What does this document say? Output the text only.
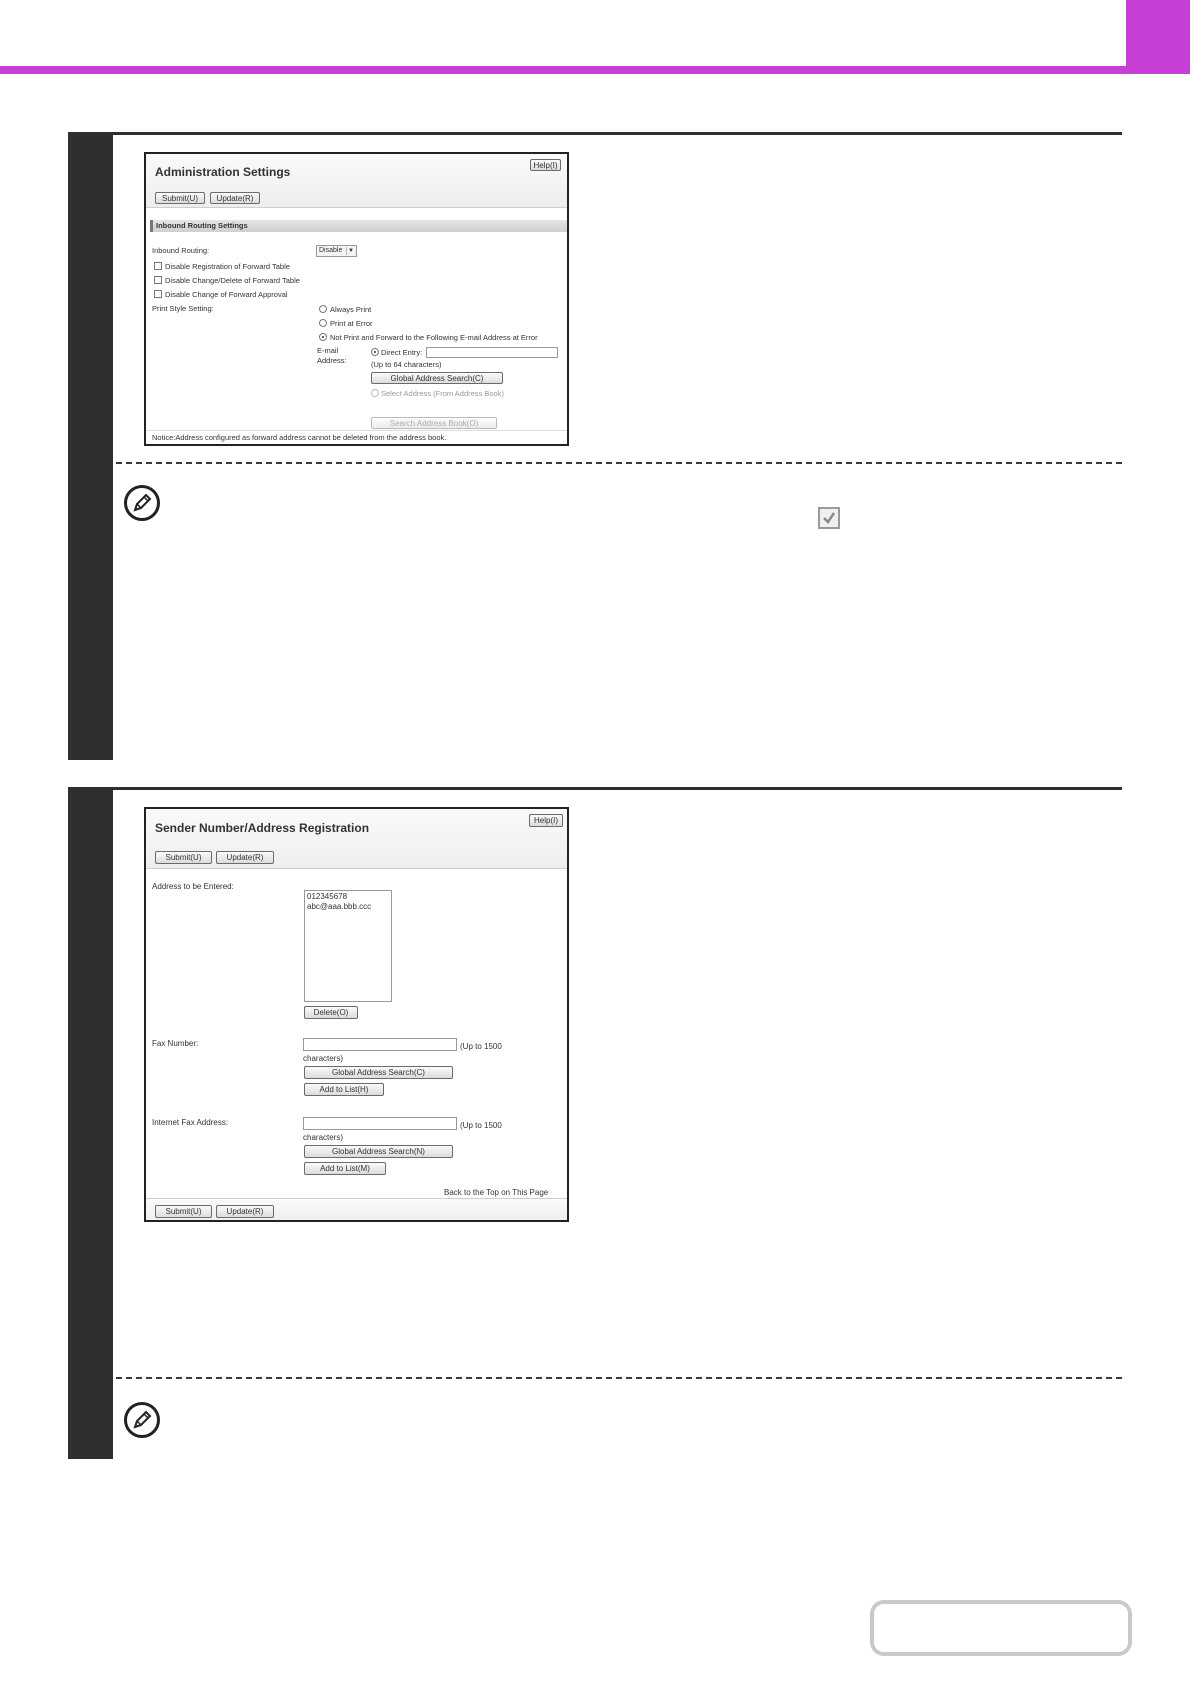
Administration Settings	Help(I)
Submit(U)	Update(R)
Inbound Routing Settings
Inbound Routing:	Disable ▼
Disable Registration of Forward Table
Disable Change/Delete of Forward Table
Disable Change of Forward Approval
Print Style Setting:	Always Print
Print at Error
Not Print and Forward to the Following E-mail Address at Error
E-mail
Address:
Direct Entry:
(Up to 64 characters)
Global Address Search(C)
Select Address (From Address Book)
Search Address Book(O)
Notice:Address configured as forward address cannot be deleted from the address book.
Sender Number/Address Registration
Help(I)
Submit(U)	Update(R)
Address to be Entered:
012345678
abc@aaa.bbb.ccc
Delete(O)
Fax Number:	(Up to 1500
characters)
Global Address Search(C)
Add to List(H)
Internet Fax Address:	(Up to 1500
characters)
Global Address Search(N)
Add to List(M)
Back to the Top on This Page
Submit(U)	Update(R)
